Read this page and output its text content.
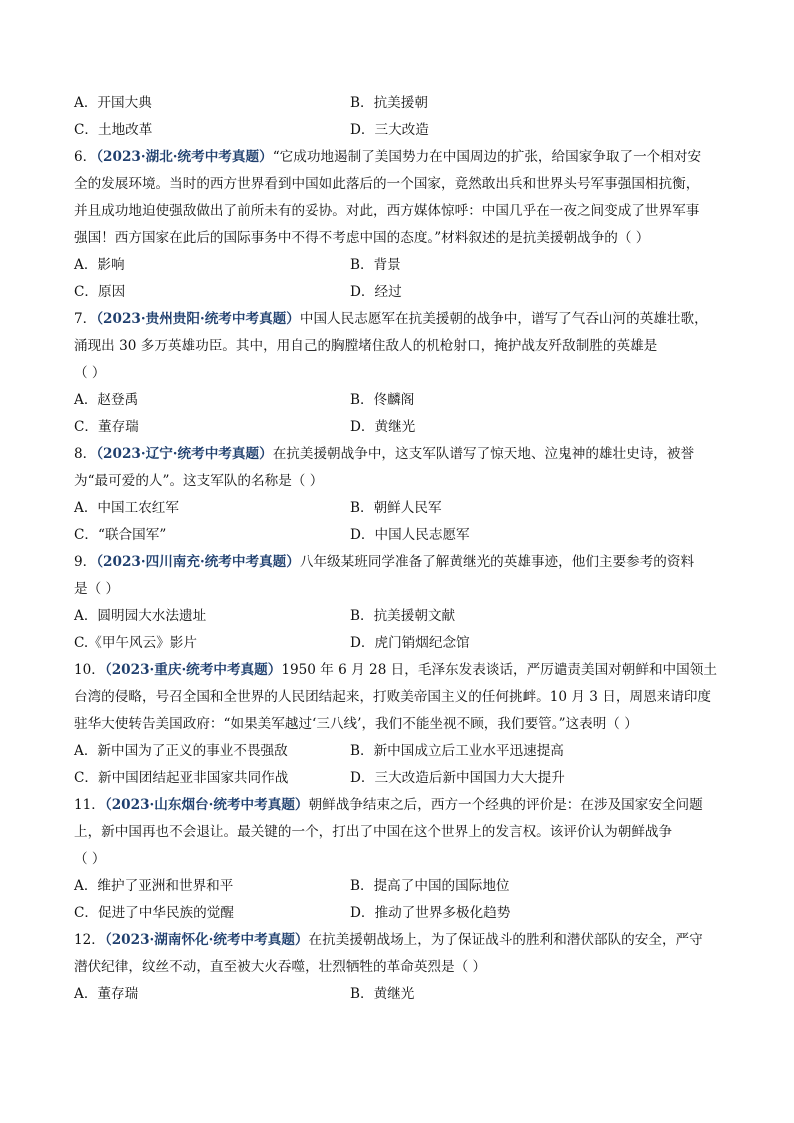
A．开国大典	B．抗美援朝
C．土地改革	D．三大改造
6．（2023·湖北·统考中考真题）“它成功地遏制了美国势力在中国周边的扩张，给国家争取了一个相对安
全的发展环境。当时的西方世界看到中国如此落后的一个国家，竟然敢出兵和世界头号军事强国相抗衡，
并且成功地迫使强敌做出了前所未有的妥协。对此，西方媒体惊呼：中国几乎在一夜之间变成了世界军事
强国！西方国家在此后的国际事务中不得不考虑中国的态度。”材料叙述的是抗美援朝战争的（ ）
A．影响	B．背景
C．原因	D．经过
7．（2023·贵州贵阳·统考中考真题）中国人民志愿军在抗美援朝的战争中，谱写了气吞山河的英雄壮歌，
涌现出 30 多万英雄功臣。其中，用自己的胸膛堵住敌人的机枪射口，掩护战友歼敌制胜的英雄是
（ ）
A．赵登禹	B．佟麟阁
C．董存瑞	D．黄继光
8．（2023·辽宁·统考中考真题）在抗美援朝战争中，这支军队谱写了惊天地、泣鬼神的雄壮史诗，被誉
为“最可爱的人”。这支军队的名称是（ ）
A．中国工农红军	B．朝鲜人民军
C．“联合国军”	D．中国人民志愿军
9．（2023·四川南充·统考中考真题）八年级某班同学准备了解黄继光的英雄事迹，他们主要参考的资料
是（ ）
A．圆明园大水法遗址	B．抗美援朝文献
C.《甲午风云》影片	D．虎门销烟纪念馆
10．（2023·重庆·统考中考真题）1950 年 6 月 28 日，毛泽东发表谈话，严厉谴责美国对朝鲜和中国领土
台湾的侵略，号召全国和全世界的人民团结起来，打败美帝国主义的任何挑衅。10 月 3 日，周恩来请印度
驻华大使转告美国政府：“如果美军越过‘三八线’，我们不能坐视不顾，我们要管。”这表明（ ）
A．新中国为了正义的事业不畏强敌	B．新中国成立后工业水平迅速提高
C．新中国团结起亚非国家共同作战	D．三大改造后新中国国力大大提升
11．（2023·山东烟台·统考中考真题）朝鲜战争结束之后，西方一个经典的评价是：在涉及国家安全问题
上，新中国再也不会退让。最关键的一个，打出了中国在这个世界上的发言权。该评价认为朝鲜战争
（ ）
A．维护了亚洲和世界和平	B．提高了中国的国际地位
C．促进了中华民族的觉醒	D．推动了世界多极化趋势
12．（2023·湖南怀化·统考中考真题）在抗美援朝战场上，为了保证战斗的胜利和潜伏部队的安全，严守
潜伏纪律，纹丝不动，直至被大火吞噬，壮烈牺牲的革命英烈是（ ）
A．董存瑞	B．黄继光
